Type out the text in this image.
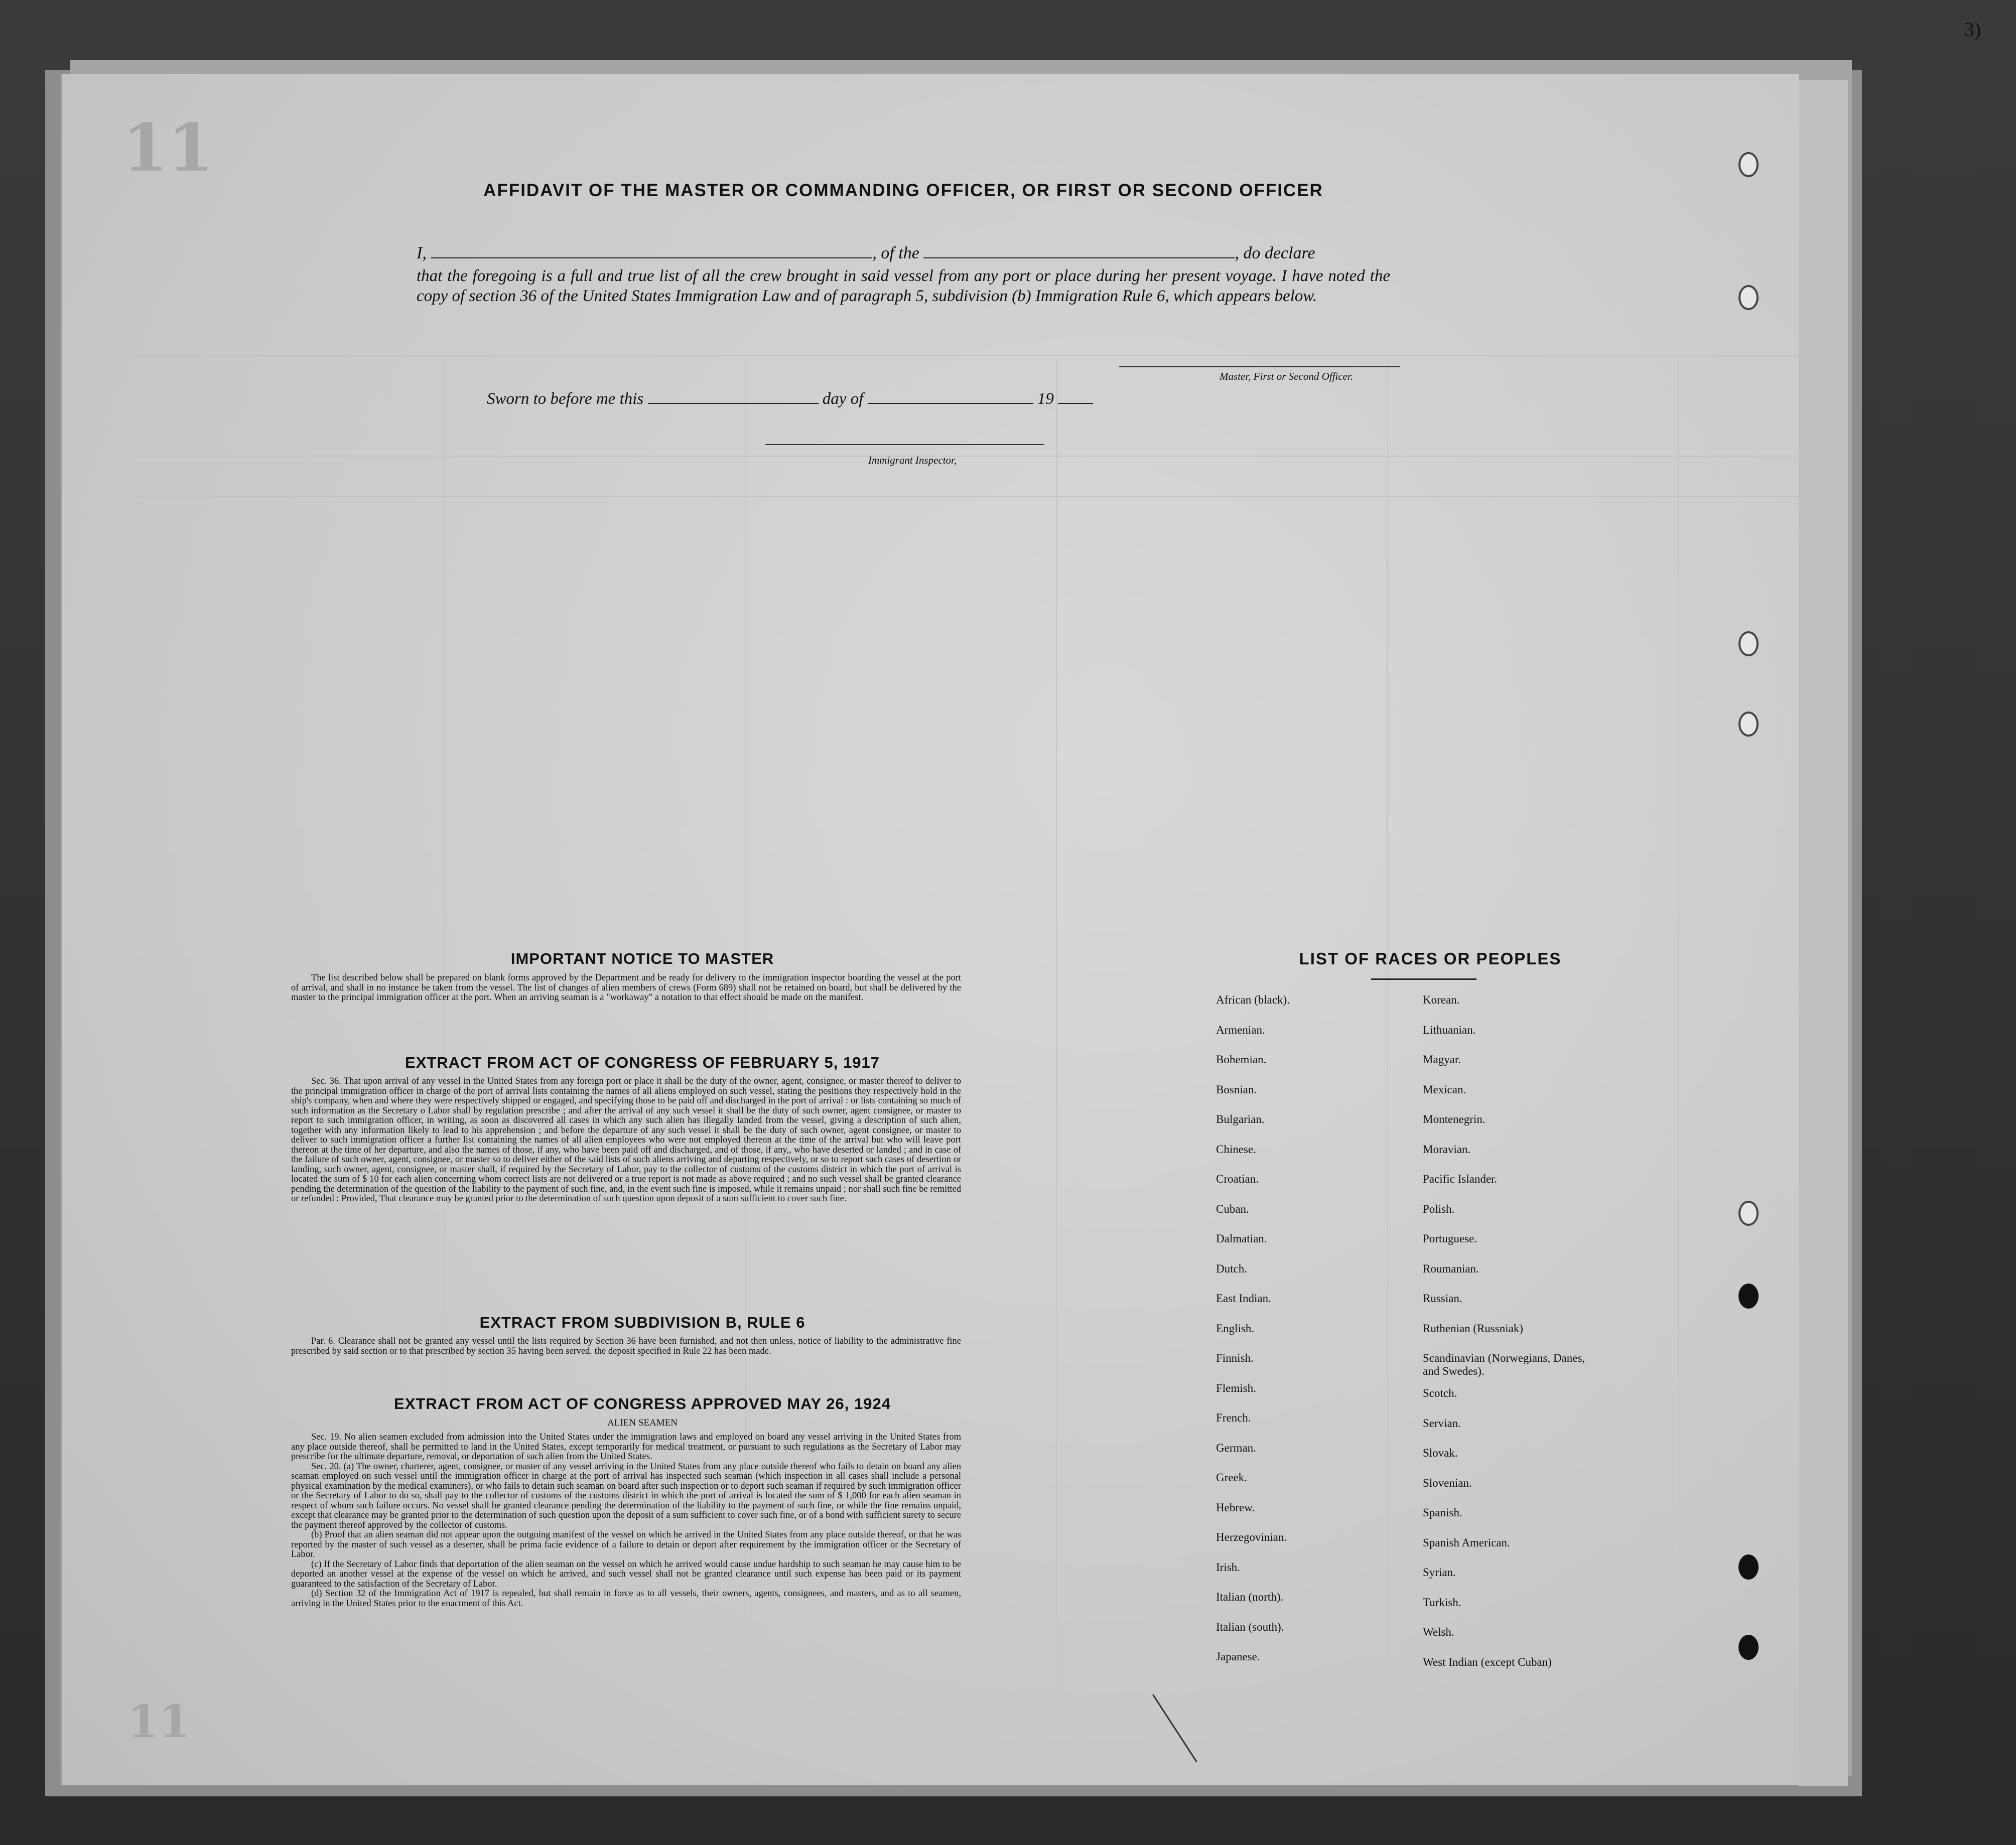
3)
11
11

AFFIDAVIT OF THE MASTER OR COMMANDING OFFICER, OR FIRST OR SECOND OFFICER
I,	, of the	, do declare
that the foregoing is a full and true list of all the crew brought in said vessel from any port or place during her present voyage. I have noted the copy of section 36 of the United States Immigration Law and of paragraph 5, subdivision (b) Immigration Rule 6, which appears below.
Master, First or Second Officer.
Sworn to before me this	day of	19
Immigrant Inspector,
IMPORTANT NOTICE TO MASTER

The list described below shall be prepared on blank forms approved by the Department and be ready for delivery to the immigration inspector boarding the vessel at the port of arrival, and shall in no instance be taken from the vessel. The list of changes of alien members of crews (Form 689) shall not be retained on board, but shall be delivered by the master to the principal immigration officer at the port. When an arriving seaman is a "workaway" a notation to that effect should be made on the manifest.

EXTRACT FROM ACT OF CONGRESS OF FEBRUARY 5, 1917

Sec. 36. That upon arrival of any vessel in the United States from any foreign port or place it shall be the duty of the owner, agent, consignee, or master thereof to deliver to the principal immigration officer in charge of the port of arrival lists containing the names of all aliens employed on such vessel, stating the positions they respectively hold in the ship's company, when and where they were respectively shipped or engaged, and specifying those to be paid off and discharged in the port of arrival : or lists containing so much of such information as the Secretary o Labor shall by regulation prescribe ; and after the arrival of any such vessel it shall be the duty of such owner, agent consignee, or master to report to such immigration officer, in writing, as soon as discovered all cases in which any such alien has illegally landed from the vessel, giving a description of such alien, together with any information likely to lead to his apprehension ; and before the departure of any such vessel it shall be the duty of such owner, agent consignee, or master to deliver to such immigration officer a further list containing the names of all alien employees who were not employed thereon at the time of the arrival but who will leave port thereon at the time of her departure, and also the names of those, if any, who have been paid off and discharged, and of those, if any,, who have deserted or landed ; and in case of the failure of such owner, agent, consignee, or master so to deliver either of the said lists of such aliens arriving and departing respectively, or so to report such cases of desertion or landing, such owner, agent, consignee, or master shall, if required by the Secretary of Labor, pay to the collector of customs of the customs district in which the port of arrival is located the sum of $ 10 for each alien concerning whom correct lists are not delivered or a true report is not made as above required ; and no such vessel shall be granted clearance pending the determination of the question of the liability to the payment of such fine, and, in the event such fine is imposed, while it remains unpaid ; nor shall such fine be remitted or refunded : Provided, That clearance may be granted prior to the determination of such question upon deposit of a sum sufficient to cover such fine.

EXTRACT FROM SUBDIVISION B, RULE 6

Par. 6. Clearance shall not be granted any vessel until the lists required by Section 36 have been furnished, and not then unless, notice of liability to the administrative fine prescribed by said section or to that prescribed by section 35 having been served. the deposit specified in Rule 22 has been made.

EXTRACT FROM ACT OF CONGRESS APPROVED MAY 26, 1924
ALIEN SEAMEN

Sec. 19. No alien seamen excluded from admission into the United States under the immigration laws and employed on board any vessel arriving in the United States from any place outside thereof, shall be permitted to land in the United States, except temporarily for medical treatment, or pursuant to such regulations as the Secretary of Labor may prescribe for the ultimate departure, removal, or deportation of such alien from the United States.

Sec. 20. (a) The owner, charterer, agent, consignee, or master of any vessel arriving in the United States from any place outside thereof who fails to detain on board any alien seaman employed on such vessel until the immigration officer in charge at the port of arrival has inspected such seaman (which inspection in all cases shall include a personal physical examination by the medical examiners), or who fails to detain such seaman on board after such inspection or to deport such seaman if required by such immigration officer or the Secretary of Labor to do so, shall pay to the collector of customs of the customs district in which the port of arrival is located the sum of $ 1,000 for each alien seaman in respect of whom such failure occurs. No vessel shall be granted clearance pending the determination of the liability to the payment of such fine, or while the fine remains unpaid, except that clearance may be granted prior to the determination of such question upon the deposit of a sum sufficient to cover such fine, or of a bond with sufficient surety to secure the payment thereof approved by the collector of customs.

(b) Proof that an alien seaman did not appear upon the outgoing manifest of the vessel on which he arrived in the United States from any place outside thereof, or that he was reported by the master of such vessel as a deserter, shall be prima facie evidence of a failure to detain or deport after requirement by the immigration officer or the Secretary of Labor.

(c) If the Secretary of Labor finds that deportation of the alien seaman on the vessel on which he arrived would cause undue hardship to such seaman he may cause him to be deported an another vessel at the expense of the vessel on which he arrived, and such vessel shall not be granted clearance until such expense has been paid or its payment guaranteed to the satisfaction of the Secretary of Labor.

(d) Section 32 of the Immigration Act of 1917 is repealed, but shall remain in force as to all vessels, their owners, agents, consignees, and masters, and as to all seamen, arriving in the United States prior to the enactment of this Act.

LIST OF RACES OR PEOPLES
African (black).
Armenian.
Bohemian.
Bosnian.
Bulgarian.
Chinese.
Croatian.
Cuban.
Dalmatian.
Dutch.
East Indian.
English.
Finnish.
Flemish.
French.
German.
Greek.
Hebrew.
Herzegovinian.
Irish.
Italian (north).
Italian (south).
Japanese.
Korean.
Lithuanian.
Magyar.
Mexican.
Montenegrin.
Moravian.
Pacific Islander.
Polish.
Portuguese.
Roumanian.
Russian.
Ruthenian (Russniak)
Scandinavian (Norwegians, Danes, and Swedes).
Scotch.
Servian.
Slovak.
Slovenian.
Spanish.
Spanish American.
Syrian.
Turkish.
Welsh.
West Indian (except Cuban)
